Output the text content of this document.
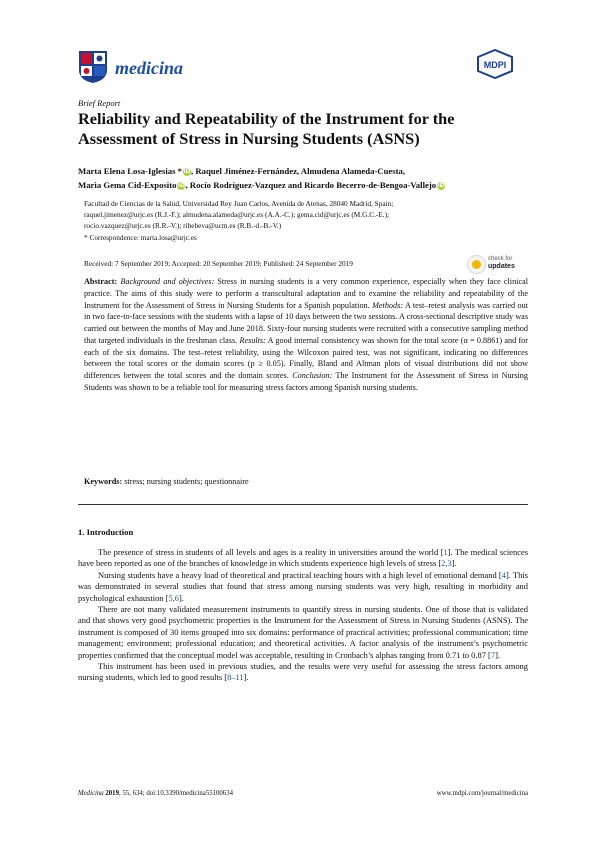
medicina	MDPI
Brief Report
Reliability and Repeatability of the Instrument for the Assessment of Stress in Nursing Students (ASNS)
Marta Elena Losa-Iglesias *iD, Raquel Jiménez-Fernández, Almudena Alameda-Cuesta,
Maria Gema Cid-ExpositoiD, Rocío Rodríguez-Vazquez and Ricardo Becerro-de-Bengoa-VallejoiD
Facultad de Ciencias de la Salud, Universidad Rey Juan Carlos, Avenida de Atenas, 28040 Madrid, Spain;
raquel.jimenez@urjc.es (R.J.-F.); almudena.alameda@urjc.es (A.A.-C.); gema.cid@urjc.es (M.G.C.-E.);
rocio.vazquez@urjc.es (R.R.-V.); ribebeva@ucm.es (R.B.-d.-B.-V.)
* Correspondence: marta.losa@urjc.es
Received: 7 September 2019; Accepted: 20 September 2019; Published: 24 September 2019	check for
updates
Abstract: Background and objectives: Stress in nursing students is a very common experience, especially when they face clinical practice. The aims of this study were to perform a transcultural adaptation and to examine the reliability and repeatability of the Instrument for the Assessment of Stress in Nursing Students for a Spanish population. Methods: A test–retest analysis was carried out in two face-to-face sessions with the students with a lapse of 10 days between the two sessions. A cross-sectional descriptive study was carried out between the months of May and June 2018. Sixty-four nursing students were recruited with a consecutive sampling method that targeted individuals in the freshman class. Results: A good internal consistency was shown for the total score (α = 0.8861) and for each of the six domains. The test–retest reliability, using the Wilcoxon paired test, was not significant, indicating no differences between the total scores or the domain scores (p ≥ 0.05). Finally, Bland and Altman plots of visual distributions did not show differences between the total scores and the domain scores. Conclusion: The Instrument for the Assessment of Stress in Nursing Students was shown to be a reliable tool for measuring stress factors among Spanish nursing students.
Keywords: stress; nursing students; questionnaire
1. Introduction

The presence of stress in students of all levels and ages is a reality in universities around the world [1]. The medical sciences have been reported as one of the branches of knowledge in which students experience high levels of stress [2,3].

Nursing students have a heavy load of theoretical and practical teaching hours with a high level of emotional demand [4]. This was demonstrated in several studies that found that stress among nursing students was very high, resulting in morbidity and psychological exhaustion [5,6].

There are not many validated measurement instruments to quantify stress in nursing students. One of those that is validated and that shows very good psychometric properties is the Instrument for the Assessment of Stress in Nursing Students (ASNS). The instrument is composed of 30 items grouped into six domains: performance of practical activities; professional communication; time management; environment; professional education; and theoretical activities. A factor analysis of the instrument’s psychometric properties confirmed that the conceptual model was acceptable, resulting in Cronbach’s alphas ranging from 0.71 to 0.87 [7].

This instrument has been used in previous studies, and the results were very useful for assessing the stress factors among nursing students, which led to good results [8–11].

Medicina 2019, 55, 634; doi:10.3390/medicina55100634	www.mdpi.com/journal/medicina
